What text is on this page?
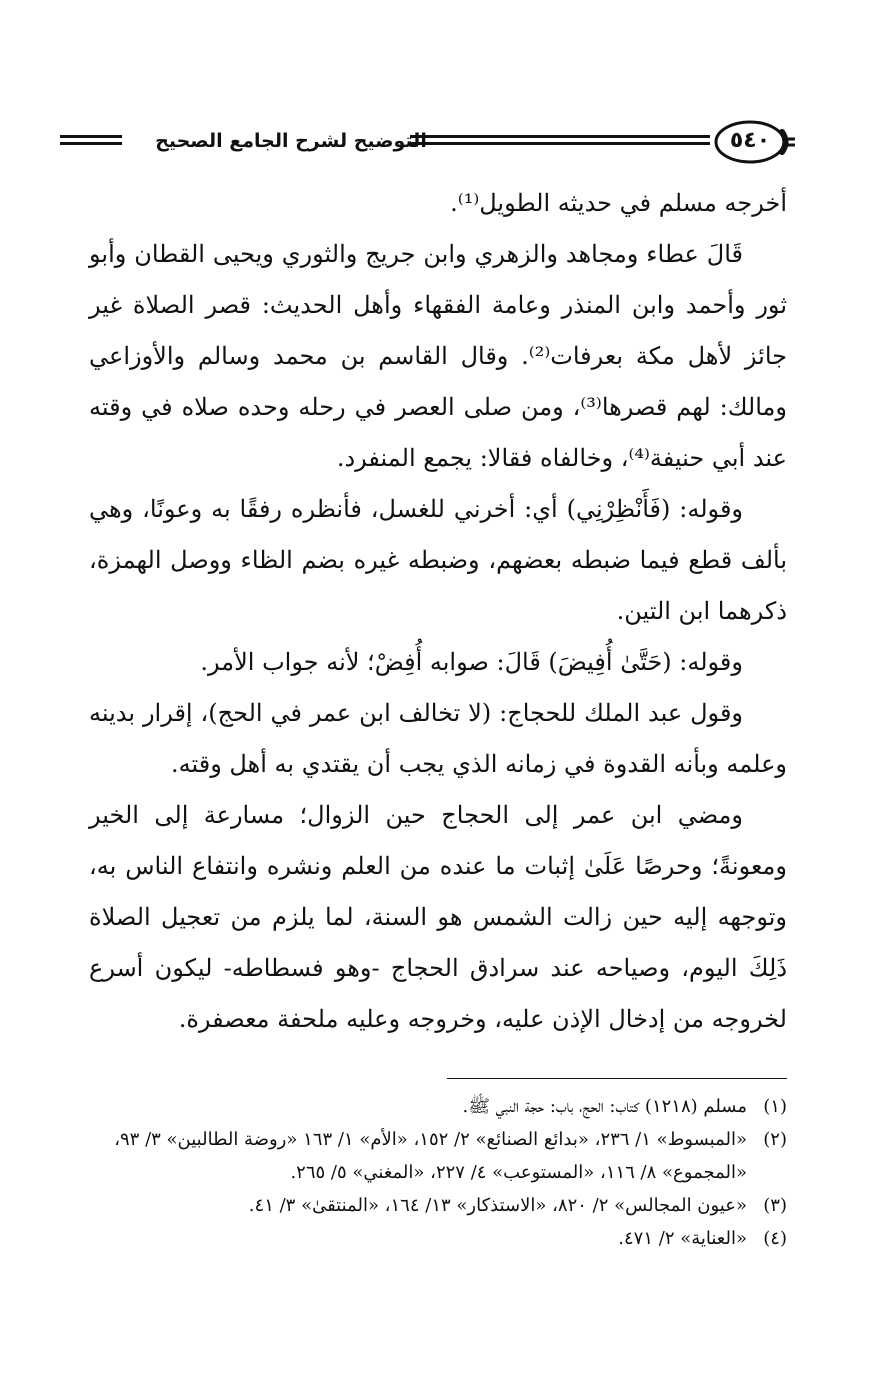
٥٤٠
التوضيح لشرح الجامع الصحيح

أخرجه مسلم في حديثه الطويل⁽¹⁾.

قَالَ عطاء ومجاهد والزهري وابن جريج والثوري ويحيى القطان وأبو ثور وأحمد وابن المنذر وعامة الفقهاء وأهل الحديث: قصر الصلاة غير جائز لأهل مكة بعرفات⁽²⁾. وقال القاسم بن محمد وسالم والأوزاعي ومالك: لهم قصرها⁽³⁾، ومن صلى العصر في رحله وحده صلاه في وقته عند أبي حنيفة⁽⁴⁾، وخالفاه فقالا: يجمع المنفرد.

وقوله: (فَأَنْظِرْنِي) أي: أخرني للغسل، فأنظره رفقًا به وعونًا، وهي بألف قطع فيما ضبطه بعضهم، وضبطه غيره بضم الظاء ووصل الهمزة، ذكرهما ابن التين.

وقوله: (حَتَّىٰ أُفِيضَ) قَالَ: صوابه أُفِضْ؛ لأنه جواب الأمر.

وقول عبد الملك للحجاج: (لا تخالف ابن عمر في الحج)، إقرار بدينه وعلمه وبأنه القدوة في زمانه الذي يجب أن يقتدي به أهل وقته.

ومضي ابن عمر إلى الحجاج حين الزوال؛ مسارعة إلى الخير ومعونةً؛ وحرصًا عَلَىٰ إثبات ما عنده من العلم ونشره وانتفاع الناس به، وتوجهه إليه حين زالت الشمس هو السنة، لما يلزم من تعجيل الصلاة ذَلِكَ اليوم، وصياحه عند سرادق الحجاج -وهو فسطاطه- ليكون أسرع لخروجه من إدخال الإذن عليه، وخروجه وعليه ملحفة معصفرة.

(١)
مسلم (١٢١٨) كتاب: الحج، باب: حجة النبي ﷺ.
(٢)
«المبسوط» ١/ ٢٣٦، «بدائع الصنائع» ٢/ ١٥٢، «الأم» ١/ ١٦٣ «روضة الطالبين» ٣/ ٩٣، «المجموع» ٨/ ١١٦، «المستوعب» ٤/ ٢٢٧، «المغني» ٥/ ٢٦٥.
(٣)
«عيون المجالس» ٢/ ٨٢٠، «الاستذكار» ١٣/ ١٦٤، «المنتقىٰ» ٣/ ٤١.
(٤)
«العناية» ٢/ ٤٧١.
